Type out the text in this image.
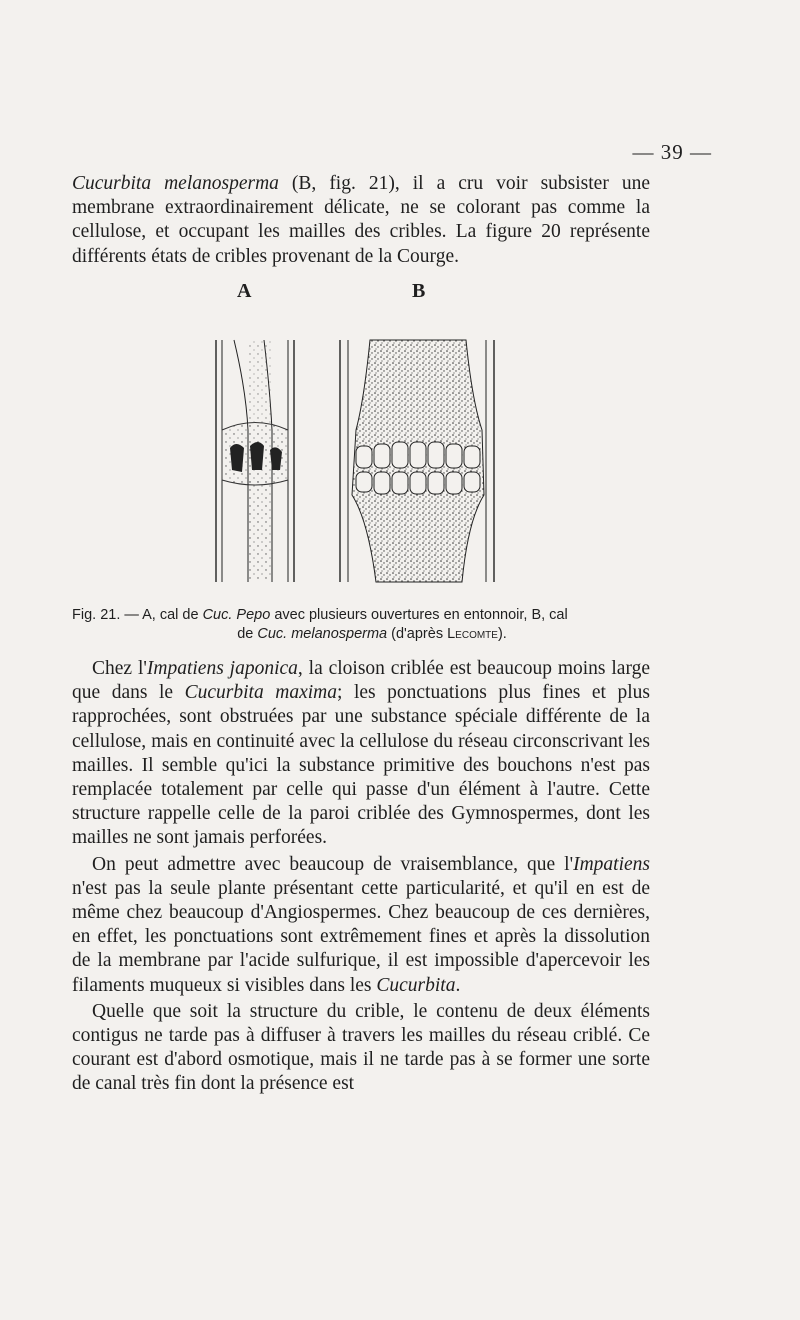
— 39 —

Cucurbita melanosperma (B, fig. 21), il a cru voir subsister une membrane extraordinairement délicate, ne se colorant pas comme la cellulose, et occupant les mailles des cribles. La figure 20 représente différents états de cribles provenant de la Courge.

A	B
Fig. 21. — A, cal de Cuc. Pepo avec plusieurs ouvertures en entonnoir, B, cal
de Cuc. melanosperma (d'après Lecomte).

Chez l'Impatiens japonica, la cloison criblée est beaucoup moins large que dans le Cucurbita maxima; les ponctuations plus fines et plus rapprochées, sont obstruées par une substance spéciale différente de la cellulose, mais en continuité avec la cellulose du réseau circonscrivant les mailles. Il semble qu'ici la substance primitive des bouchons n'est pas remplacée totalement par celle qui passe d'un élément à l'autre. Cette structure rappelle celle de la paroi criblée des Gymnospermes, dont les mailles ne sont jamais perforées.

On peut admettre avec beaucoup de vraisemblance, que l'Impatiens n'est pas la seule plante présentant cette particularité, et qu'il en est de même chez beaucoup d'Angiospermes. Chez beaucoup de ces dernières, en effet, les ponctuations sont extrêmement fines et après la dissolution de la membrane par l'acide sulfurique, il est impossible d'apercevoir les filaments muqueux si visibles dans les Cucurbita.

Quelle que soit la structure du crible, le contenu de deux éléments contigus ne tarde pas à diffuser à travers les mailles du réseau criblé. Ce courant est d'abord osmotique, mais il ne tarde pas à se former une sorte de canal très fin dont la présence est
